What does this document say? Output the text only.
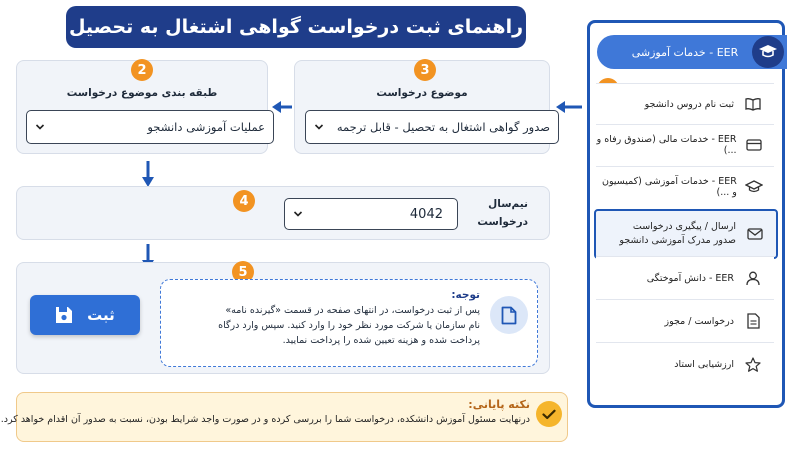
راهنمای ثبت درخواست گواهی اشتغال به تحصیل
EER - خدمات آموزشی
ثبت نام دروس دانشجو
EER - خدمات مالی (صندوق رفاه و ...)
EER - خدمات آموزشی (کمیسیون و ...)
ارسال / پیگیری درخواست
صدور مدرک آموزشی دانشجو
EER - دانش آموختگی
درخواست / مجوز
ارزشیابی استاد
3
موضوع درخواست
صدور گواهی اشتغال به تحصیل - قابل ترجمه
2
طبقه بندی موضوع درخواست
عملیات آموزشی دانشجو
4	نیم‌سال
درخواست
4042
5
ثبت
توجه:
پس از ثبت درخواست، در انتهای صفحه در قسمت «گیرنده نامه»
نام سازمان یا شرکت مورد نظر خود را وارد کنید. سپس وارد درگاه
پرداخت شده و هزینه تعیین شده را پرداخت نمایید.
نکته پایانی:
درنهایت مسئول آموزش دانشکده، درخواست شما را بررسی کرده و در صورت واجد شرایط بودن، نسبت به صدور آن اقدام خواهد کرد.
